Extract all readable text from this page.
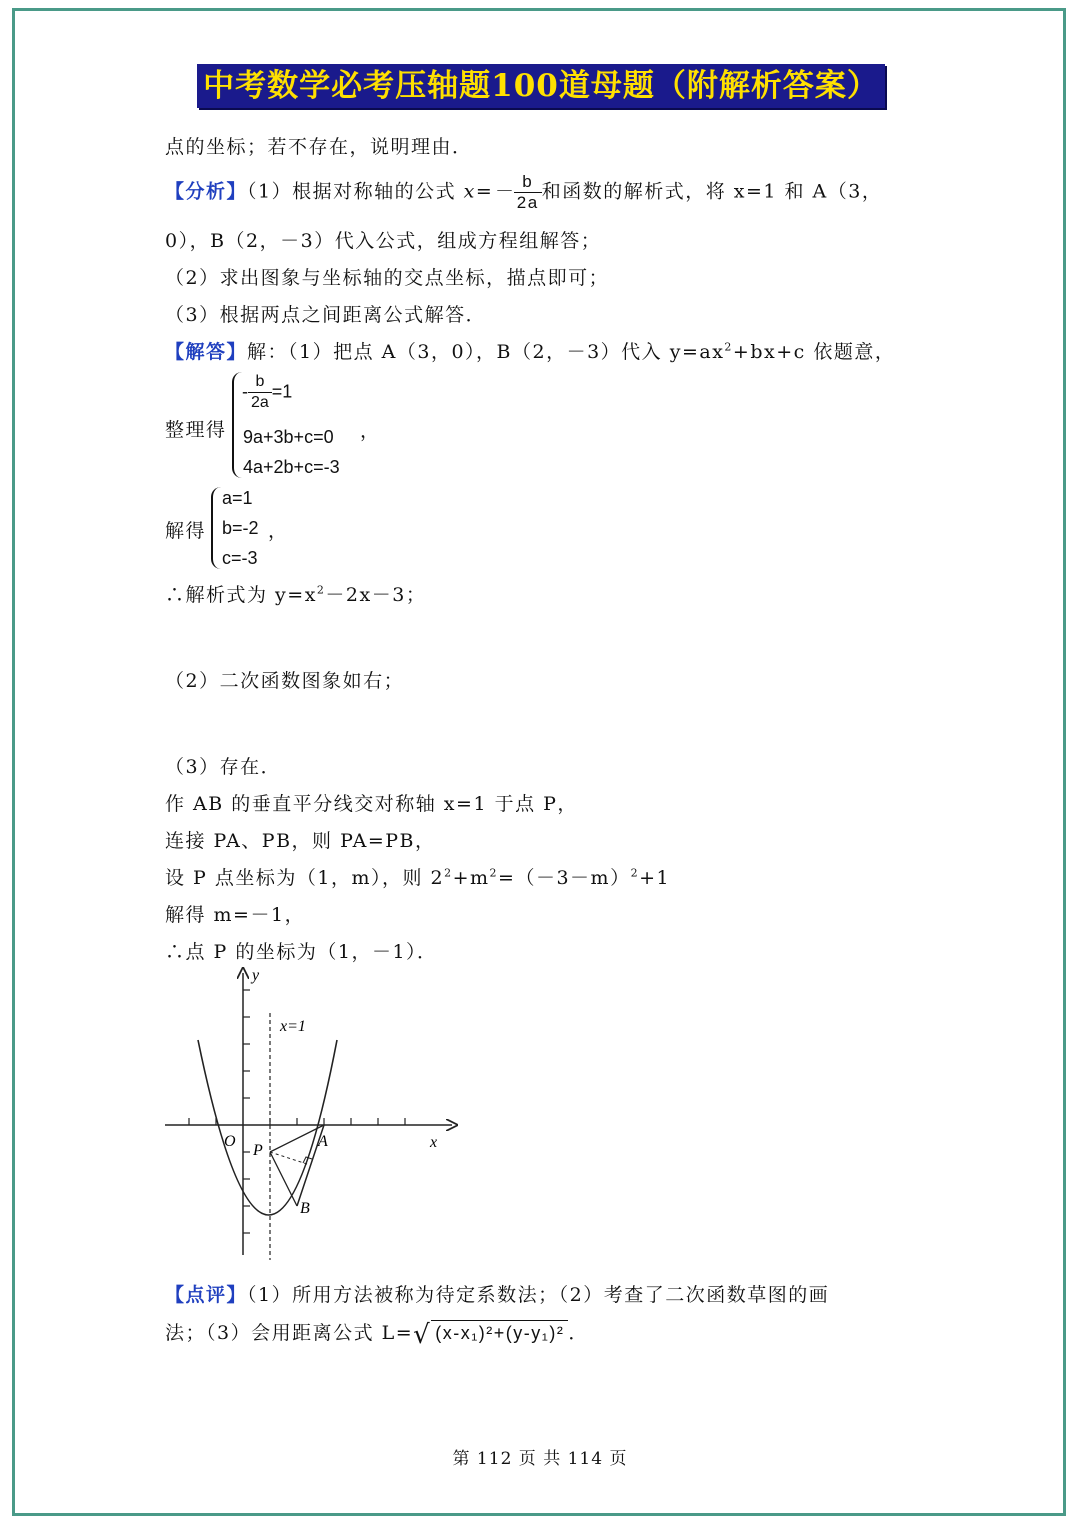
中考数学必考压轴题100道母题（附解析答案）
点的坐标；若不存在，说明理由．
【分析】（1）根据对称轴的公式 $x=- \frac{b}{2a}$ 和函数的解析式，将 x=1 和 A（3，
0），B（2，－3）代入公式，组成方程组解答；
（2）求出图象与坐标轴的交点坐标，描点即可；
（3）根据两点之间距离公式解答．
【解答】解：（1）把点 A（3，0），B（2，－3）代入 $y=ax^2+bx+c$ 依题意，
整理得
- $\frac{b}{2a} =1$
9a+3b+c=0
4a+2b+c=-3
，
解得
a=1
b=-2
c=-3
，
∴解析式为 $y=x^2-2x-3$；
（2）二次函数图象如右；
（3）存在．
作 AB 的垂直平分线交对称轴 x=1 于点 P，
连接 PA、PB，则 PA=PB，
设 P 点坐标为（1，m），则 $2^2+m^2=(-3-m)^2+1$
解得 m=－1，
∴点 P 的坐标为（1，－1）．
y
x
x=1
O
P
A
B
【点评】（1）所用方法被称为待定系数法；（2）考查了二次函数草图的画
法；（3）会用距离公式 L=√ (x-x₁)²+(y-y₁)² ．
第 112 页 共 114 页
